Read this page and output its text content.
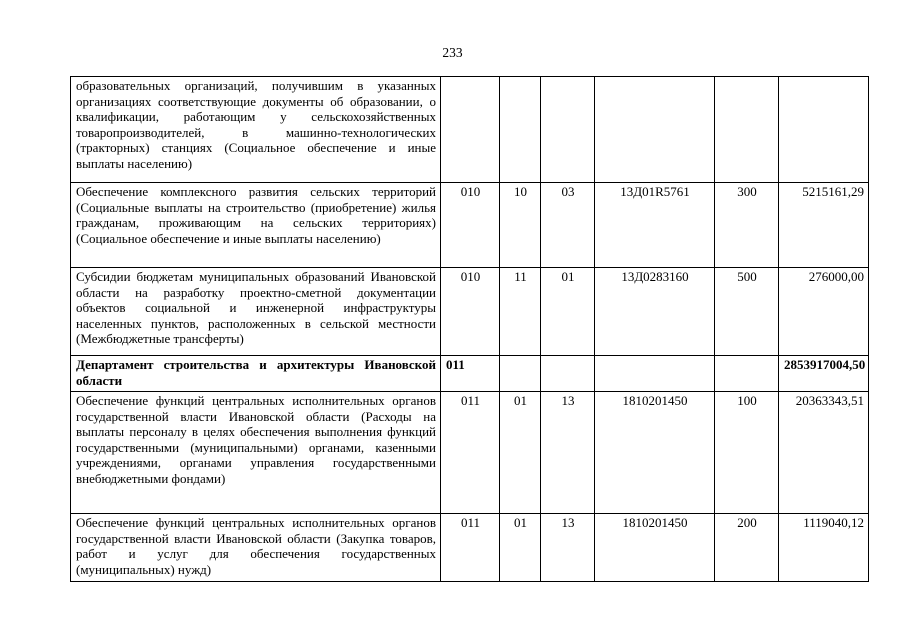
233
образовательных организаций, получившим в указанных организациях соответствующие документы об образовании, о квалификации, работающим у сельскохозяйственных товаропроизводителей, в машинно-технологических (тракторных) станциях (Социальное обеспечение и иные выплаты населению)						
Обеспечение комплексного развития сельских территорий (Социальные выплаты на строительство (приобретение) жилья гражданам, проживающим на сельских территориях) (Социальное обеспечение и иные выплаты населению)	010	10	03	13Д01R5761	300	5215161,29
Субсидии бюджетам муниципальных образований Ивановской области на разработку проектно-сметной документации объектов социальной и инженерной инфраструктуры населенных пунктов, расположенных в сельской местности (Межбюджетные трансферты)	010	11	01	13Д0283160	500	276000,00
Департамент строительства и архитектуры Ивановской области	011					2853917004,50
Обеспечение функций центральных исполнительных органов государственной власти Ивановской области (Расходы на выплаты персоналу в целях обеспечения выполнения функций государственными (муниципальными) органами, казенными учреждениями, органами управления государственными внебюджетными фондами)	011	01	13	1810201450	100	20363343,51
Обеспечение функций центральных исполнительных органов государственной власти Ивановской области (Закупка товаров, работ и услуг для обеспечения государственных (муниципальных) нужд)	011	01	13	1810201450	200	1119040,12
